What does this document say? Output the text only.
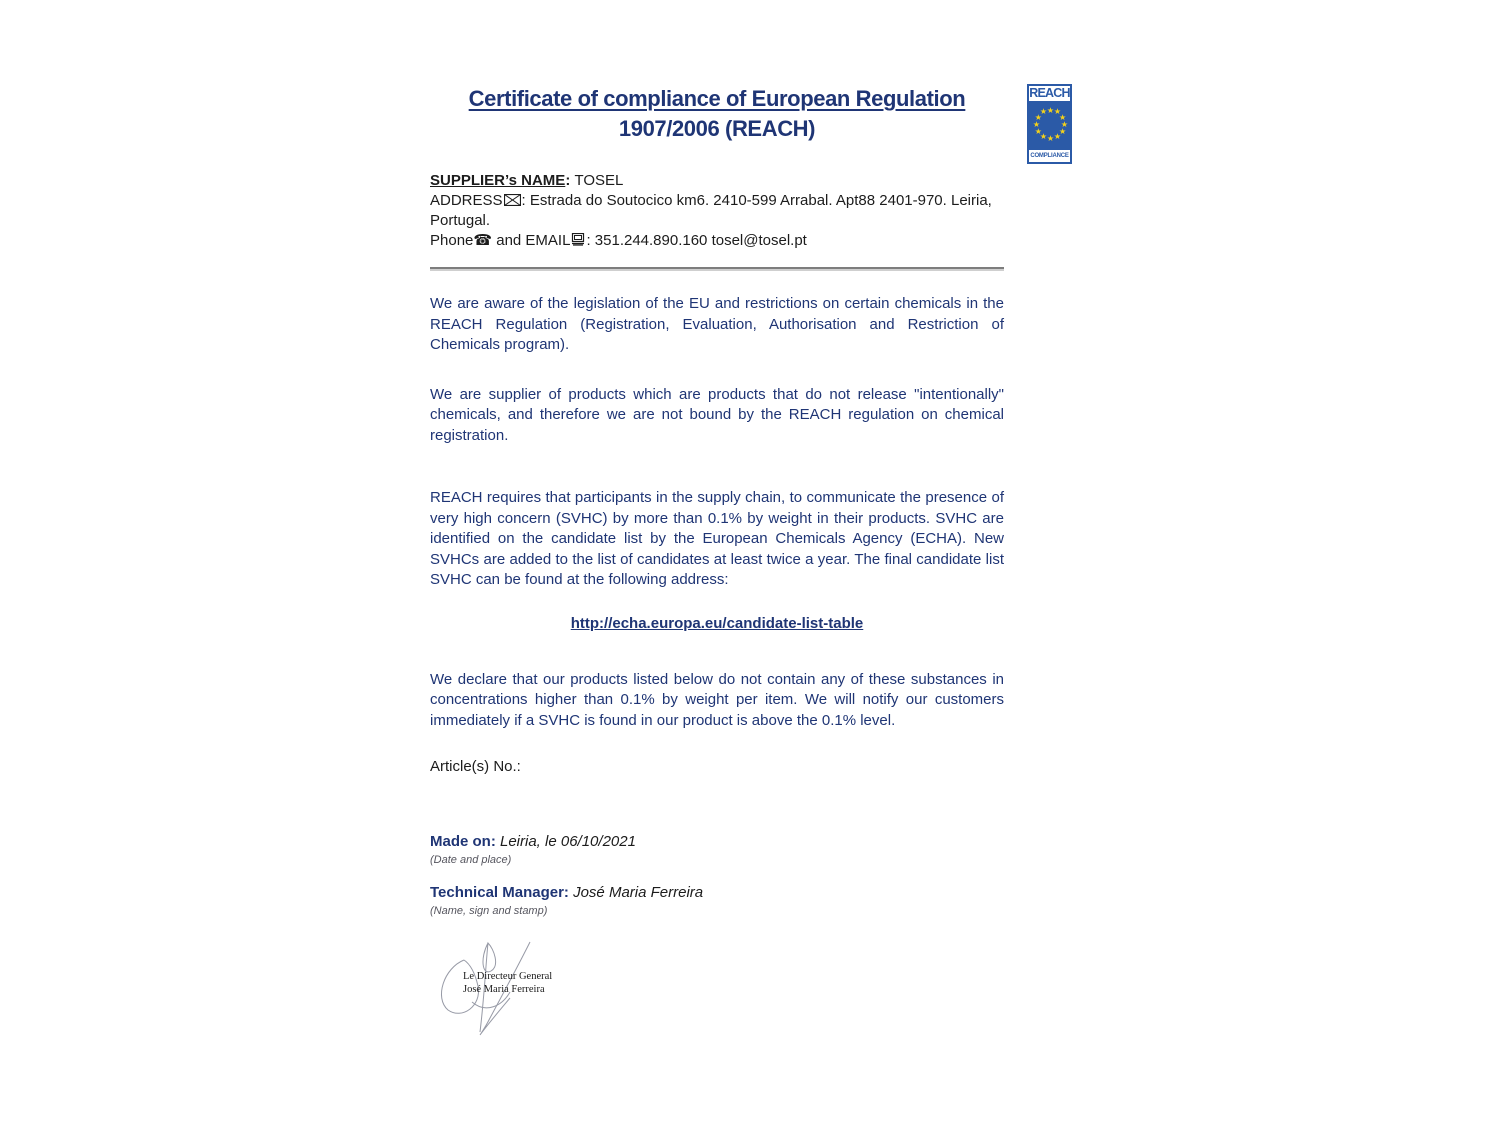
REACH
★ ★
★
★
★
★
★
★
★
★
★
★
COMPLIANCE
Certificate of compliance of European Regulation
1907/2006 (REACH)
SUPPLIER’s NAME: TOSEL
ADDRESS : Estrada do Soutocico km6. 2410-599 Arrabal. Apt88 2401-970. Leiria, Portugal.
Phone☎ and EMAIL : 351.244.890.160 tosel@tosel.pt

We are aware of the legislation of the EU and restrictions on certain chemicals in the REACH Regulation (Registration, Evaluation, Authorisation and Restriction of Chemicals program).

We are supplier of products which are products that do not release "intentionally" chemicals, and therefore we are not bound by the REACH regulation on chemical registration.

REACH requires that participants in the supply chain, to communicate the presence of very high concern (SVHC) by more than 0.1% by weight in their products. SVHC are identified on the candidate list by the European Chemicals Agency (ECHA). New SVHCs are added to the list of candidates at least twice a year. The final candidate list SVHC can be found at the following address:

http://echa.europa.eu/candidate-list-table

We declare that our products listed below do not contain any of these substances in concentrations higher than 0.1% by weight per item. We will notify our customers immediately if a SVHC is found in our product is above the 0.1% level.

Article(s) No.:
Made on: Leiria, le 06/10/2021
(Date and place)
Technical Manager: José Maria Ferreira
(Name, sign and stamp)
Le Directeur General
José Maria Ferreira
